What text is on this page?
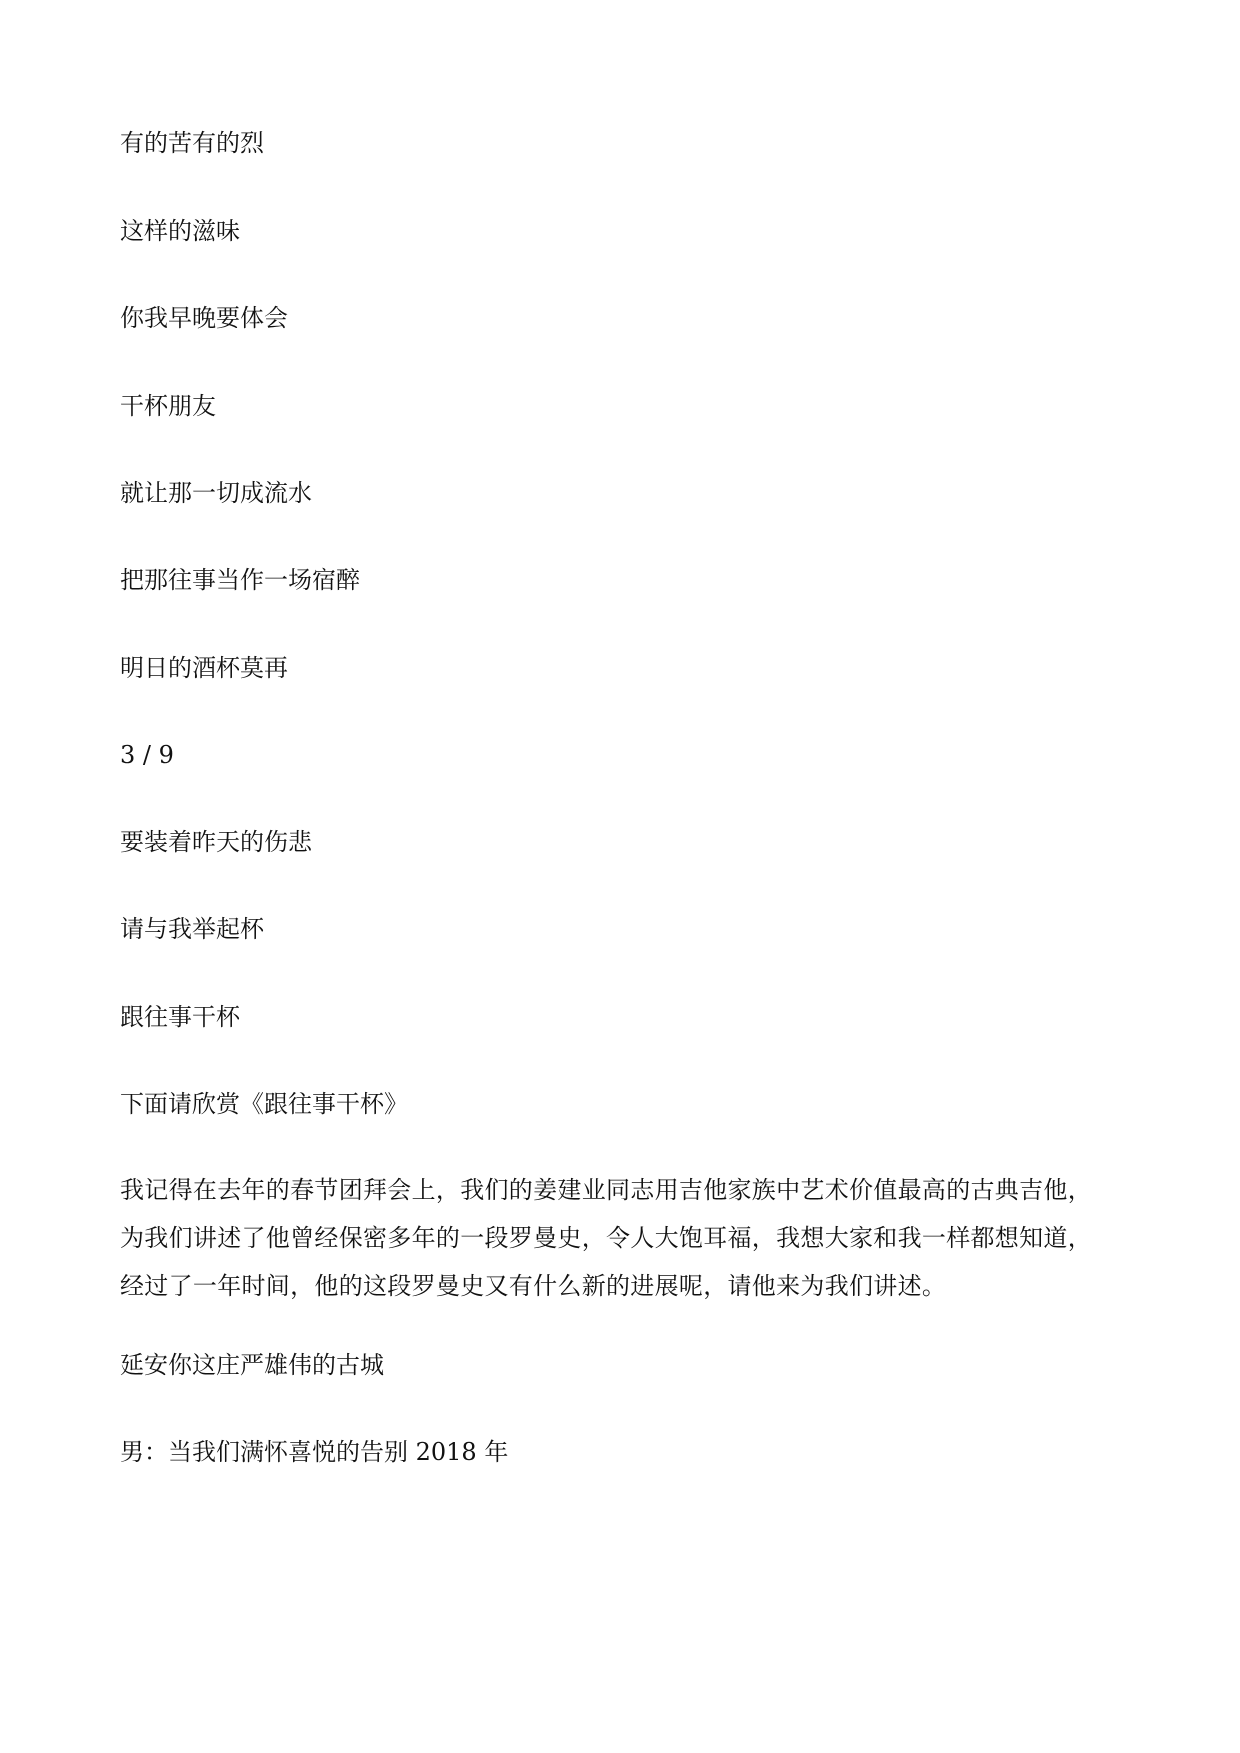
有的苦有的烈

这样的滋味

你我早晚要体会

干杯朋友

就让那一切成流水

把那往事当作一场宿醉

明日的酒杯莫再

3 / 9

要装着昨天的伤悲

请与我举起杯

跟往事干杯

下面请欣赏《跟往事干杯》

我记得在去年的春节团拜会上，我们的姜建业同志用吉他家族中艺术价值最高的古典吉他，
为我们讲述了他曾经保密多年的一段罗曼史，令人大饱耳福，我想大家和我一样都想知道，
经过了一年时间，他的这段罗曼史又有什么新的进展呢，请他来为我们讲述。

延安你这庄严雄伟的古城

男：当我们满怀喜悦的告别 2018 年
